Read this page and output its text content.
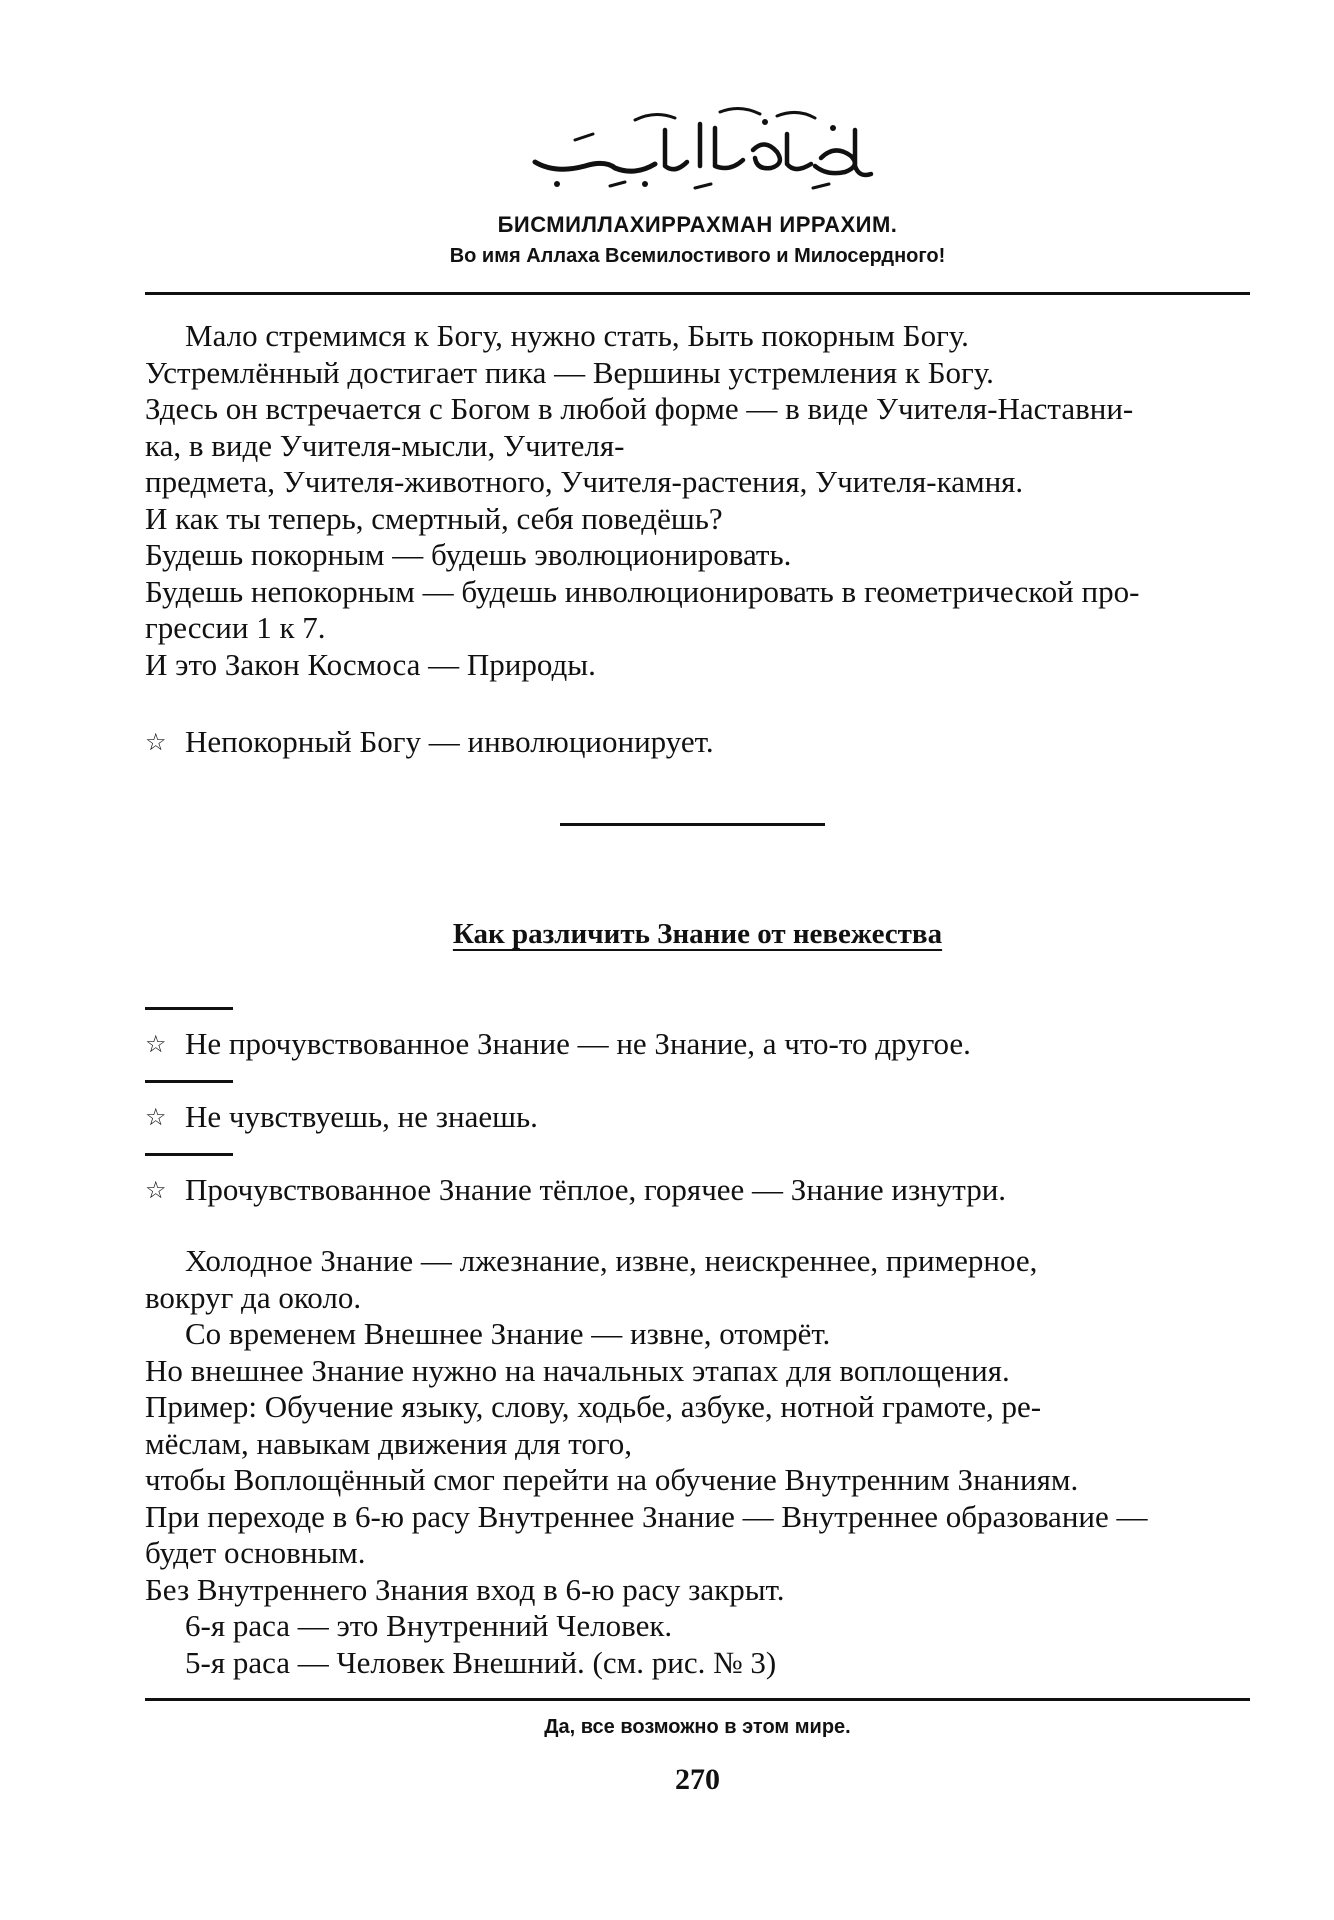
БИСМИЛЛАХИРРАХМАН ИРРАХИМ.
Во имя Аллаха Всемилостивого и Милосердного!
Мало стремимся к Богу, нужно стать, Быть покорным Богу.
Устремлённый достигает пика — Вершины устремления к Богу.
Здесь он встречается с Богом в любой форме — в виде Учителя-Наставни-
ка, в виде Учителя-мысли, Учителя-
предмета, Учителя-животного, Учителя-растения, Учителя-камня.
И как ты теперь, смертный, себя поведёшь?
Будешь покорным — будешь эволюционировать.
Будешь непокорным — будешь инволюционировать в геометрической про-
грессии 1 к 7.
И это Закон Космоса — Природы.
☆ Непокорный Богу — инволюционирует.
Как различить Знание от невежества
☆ Не прочувствованное Знание — не Знание, а что-то другое.
☆ Не чувствуешь, не знаешь.
☆ Прочувствованное Знание тёплое, горячее — Знание изнутри.
Холодное Знание — лжезнание, извне, неискреннее, примерное,
вокруг да около.
Со временем Внешнее Знание — извне, отомрёт.
Но внешнее Знание нужно на начальных этапах для воплощения.
Пример: Обучение языку, слову, ходьбе, азбуке, нотной грамоте, ре-
мёслам, навыкам движения для того,
чтобы Воплощённый смог перейти на обучение Внутренним Знаниям.
При переходе в 6-ю расу Внутреннее Знание — Внутреннее образование —
будет основным.
Без Внутреннего Знания вход в 6-ю расу закрыт.
6-я раса — это Внутренний Человек.
5-я раса — Человек Внешний. (см. рис. № 3)
Да, все возможно в этом мире.
270
